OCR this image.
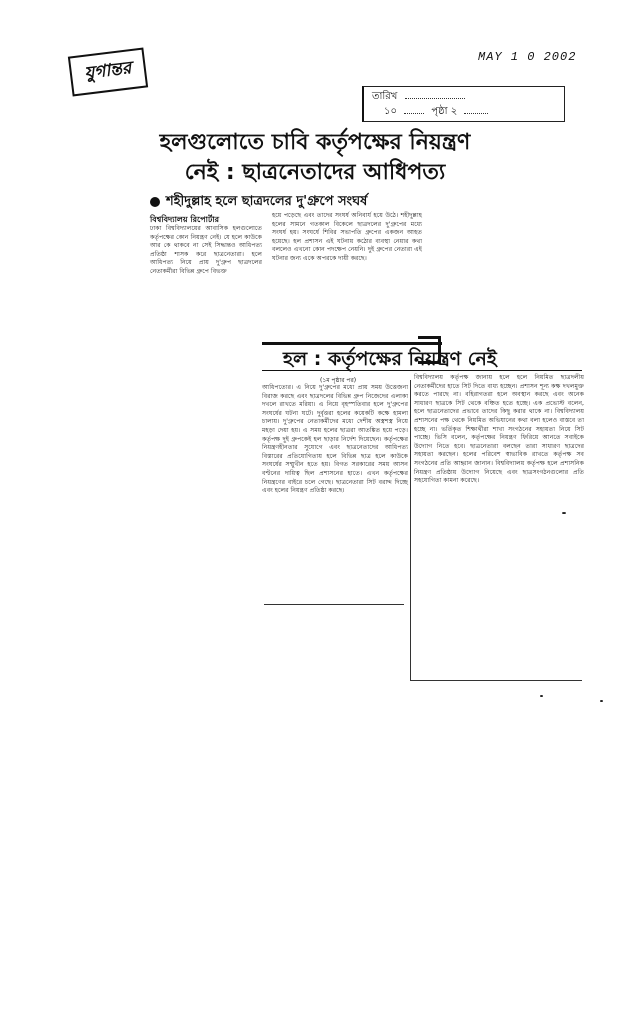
MAY 1 0 2002
যুগান্তর
তারিখ
১০	পৃষ্ঠা ২
হলগুলোতে চাবি কর্তৃপক্ষের নিয়ন্ত্রণ
নেই : ছাত্রনেতাদের আধিপত্য
শহীদুল্লাহ হলে ছাত্রদলের দু'গ্রুপে সংঘর্ষ
বিশ্ববিদ্যালয় রিপোর্টার

ঢাকা বিশ্ববিদ্যালয়ের আবাসিক হলগুলোতে কর্তৃপক্ষের কোন নিয়ন্ত্রণ নেই। যে হলে কাউকে আর কে থাকবে না সেই সিদ্ধান্তও আধিপত্য প্রতিষ্ঠা শাসক করে ছাত্রনেতারা। হলে আধিপত্য নিয়ে প্রায় দু'গ্রুপ ছাত্রদলের নেতাকর্মীরা বিভিন্ন গ্রুপে বিভক্ত

হয়ে পড়েছে এবং তাদের সংঘর্ষ অনিবার্য হয়ে উঠে। শহীদুল্লাহ হলের সামনে গতকাল বিকেলে ছাত্রদলের দু'গ্রুপের মধ্যে সংঘর্ষ হয়। সংঘর্ষে শিবির সভাপতি গ্রুপের একজন আহত হয়েছে। হল প্রশাসন এই ঘটনায় কঠোর ব্যবস্থা নেয়ার কথা বললেও এখনো কোন পদক্ষেপ নেয়নি। দুই গ্রুপের নেতারা এই ঘটনার জন্য একে অপরকে দায়ী করছে।

হল : কর্তৃপক্ষের নিয়ন্ত্রণ নেই
(১ম পৃষ্ঠার পর)

আধিপত্যের। এ নিয়ে দু'গ্রুপের মধ্যে প্রায় সময় উত্তেজনা বিরাজ করছে এবং ছাত্রদলের বিভিন্ন গ্রুপ নিজেদের এলাকা দখলে রাখতে মরিয়া। এ নিয়ে বৃহস্পতিবার হলে দু'গ্রুপের সংঘর্ষের ঘটনা ঘটে। দুর্বৃত্তরা হলের কয়েকটি কক্ষে হামলা চালায়। দু'গ্রুপের নেতাকর্মীদের মধ্যে দেশীয় অস্ত্রশস্ত্র নিয়ে মহড়া দেয়া হয়। এ সময় হলের ছাত্ররা আতঙ্কিত হয়ে পড়ে। কর্তৃপক্ষ দুই গ্রুপকেই হল ছাড়ার নির্দেশ দিয়েছেন। কর্তৃপক্ষের নিয়ন্ত্রণহীনতার সুযোগে এবং ছাত্রনেতাদের আধিপত্য বিস্তারের প্রতিযোগিতায় হলে বিভিন্ন ছাত্র হলে কাউকে সংঘর্ষের সম্মুখীন হতে হয়। বিগত সরকারের সময় আসন বণ্টনের দায়িত্ব ছিল প্রশাসনের হাতে। এখন কর্তৃপক্ষের নিয়ন্ত্রণের বাইরে চলে গেছে। ছাত্রনেতারা সিট বরাদ্দ দিচ্ছে এবং হলের নিয়ন্ত্রণ প্রতিষ্ঠা করছে।

বিশ্ববিদ্যালয় কর্তৃপক্ষ জানায় হলে হলে নিয়মিত ছাত্রদলীয় নেতাকর্মীদের হাতে সিট দিতে বাধ্য হচ্ছেন। প্রশাসন শূন্য কক্ষ দখলমুক্ত করতে পারছে না। বহিরাগতরা হলে অবস্থান করছে এবং অনেক সাধারণ ছাত্রকে সিট থেকে বঞ্চিত হতে হচ্ছে। এক প্রভোস্ট বলেন, হলে ছাত্রনেতাদের প্রভাবে তাদের কিছু করার থাকে না। বিশ্ববিদ্যালয় প্রশাসনের পক্ষ থেকে নিয়মিত অভিযানের কথা বলা হলেও বাস্তবে তা হচ্ছে না। ভর্তিকৃত শিক্ষার্থীরা শাখা সংগঠনের সহায়তা নিয়ে সিট পাচ্ছে। ভিসি বলেন, কর্তৃপক্ষের নিয়ন্ত্রণ ফিরিয়ে আনতে সবাইকে উদ্যোগ নিতে হবে। ছাত্রনেতারা বলছেন তারা সাধারণ ছাত্রদের সহায়তা করছেন। হলের পরিবেশ স্বাভাবিক রাখতে কর্তৃপক্ষ সব সংগঠনের প্রতি আহ্বান জানান। বিশ্ববিদ্যালয় কর্তৃপক্ষ হলে প্রশাসনিক নিয়ন্ত্রণ প্রতিষ্ঠায় উদ্যোগ নিয়েছে এবং ছাত্রসংগঠনগুলোর প্রতি সহযোগিতা কামনা করেছে।
